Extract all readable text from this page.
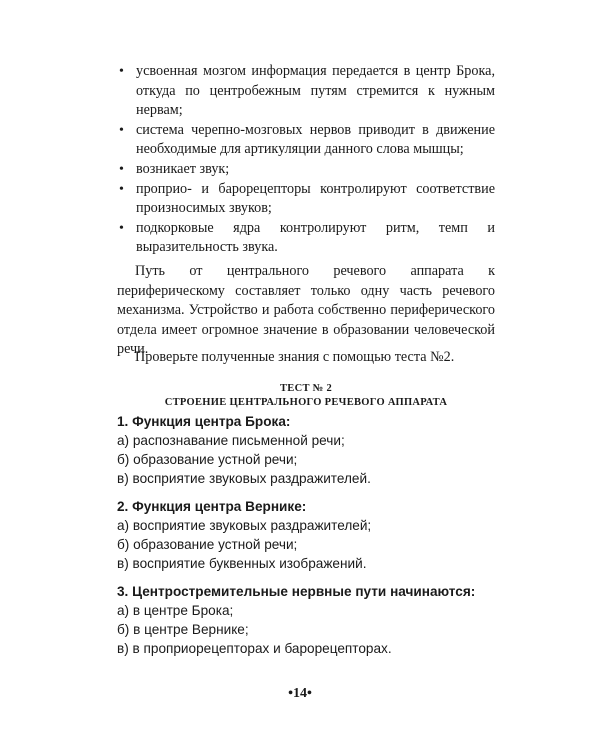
• усвоенная мозгом информация передается в центр Брока, откуда по центробежным путям стремится к нужным нервам;
• система черепно-мозговых нервов приводит в движение необходимые для артикуляции данного слова мышцы;
• возникает звук;
• проприо- и барорецепторы контролируют соответствие произносимых звуков;
• подкорковые ядра контролируют ритм, темп и выразительность звука.

Путь от центрального речевого аппарата к периферическому составляет только одну часть речевого механизма. Устройство и работа собственно периферического отдела имеет огромное значение в образовании человеческой речи.

Проверьте полученные знания с помощью теста №2.

ТЕСТ № 2

СТРОЕНИЕ ЦЕНТРАЛЬНОГО РЕЧЕВОГО АППАРАТА

1. Функция центра Брока:
а) распознавание письменной речи;
б) образование устной речи;
в) восприятие звуковых раздражителей.
2. Функция центра Вернике:
а) восприятие звуковых раздражителей;
б) образование устной речи;
в) восприятие буквенных изображений.
3. Центростремительные нервные пути начинаются:
а) в центре Брока;
б) в центре Вернике;
в) в проприорецепторах и барорецепторах.
•14•
